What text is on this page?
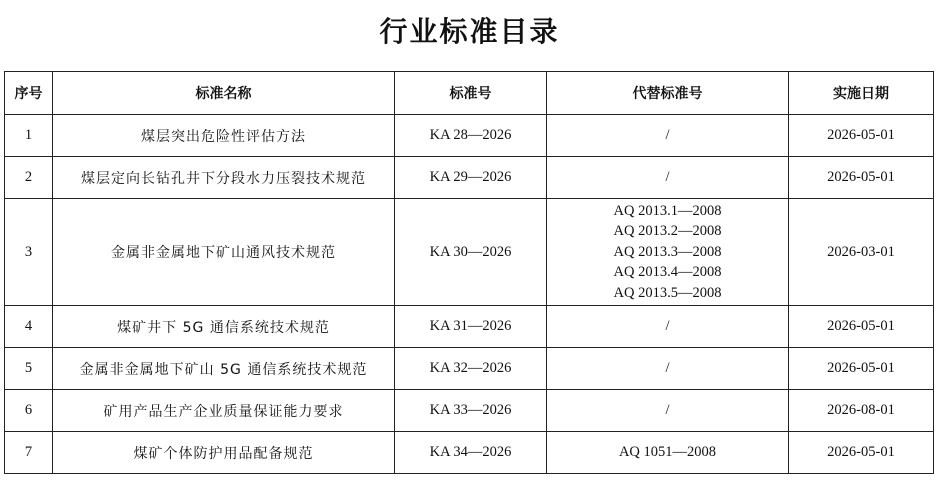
行业标准目录
序号	标准名称	标准号	代替标准号	实施日期
1	煤层突出危险性评估方法	KA 28—2026	/	2026-05-01
2	煤层定向长钻孔井下分段水力压裂技术规范	KA 29—2026	/	2026-05-01
3	金属非金属地下矿山通风技术规范	KA 30—2026	AQ 2013.1—2008
AQ 2013.2—2008
AQ 2013.3—2008
AQ 2013.4—2008
AQ 2013.5—2008	2026-03-01
4	煤矿井下 5G 通信系统技术规范	KA 31—2026	/	2026-05-01
5	金属非金属地下矿山 5G 通信系统技术规范	KA 32—2026	/	2026-05-01
6	矿用产品生产企业质量保证能力要求	KA 33—2026	/	2026-08-01
7	煤矿个体防护用品配备规范	KA 34—2026	AQ 1051—2008	2026-05-01
